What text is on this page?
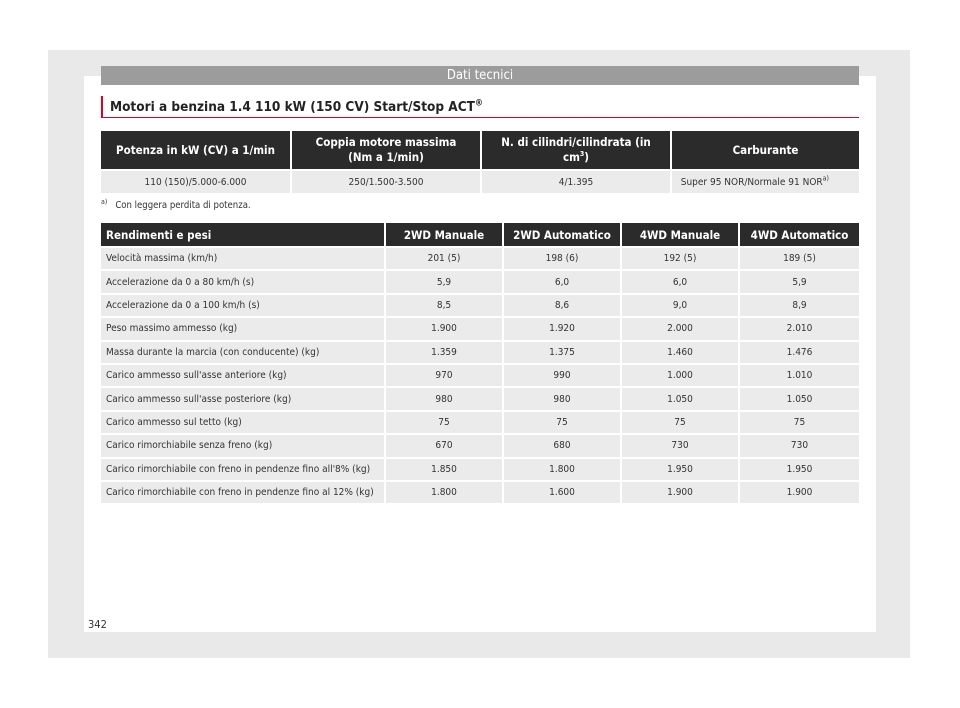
Dati tecnici
Motori a benzina 1.4 110 kW (150 CV) Start/Stop ACT®
Potenza in kW (CV) a 1/min	Coppia motore massima (Nm a 1/min)	N. di cilindri/cilindrata (in $cm^3$)	Carburante
110 (150)/5.000-6.000	250/1.500-3.500	4/1.395	Super 95 NOR/Normale 91 NOR$^{a)}$
$^{a)}$ Con leggera perdita di potenza.
Rendimenti e pesi	2WD Manuale	2WD Automatico	4WD Manuale	4WD Automatico
Velocità massima (km/h)	201 (5)	198 (6)	192 (5)	189 (5)
Accelerazione da 0 a 80 km/h (s)	5,9	6,0	6,0	5,9
Accelerazione da 0 a 100 km/h (s)	8,5	8,6	9,0	8,9
Peso massimo ammesso (kg)	1.900	1.920	2.000	2.010
Massa durante la marcia (con conducente) (kg)	1.359	1.375	1.460	1.476
Carico ammesso sull'asse anteriore (kg)	970	990	1.000	1.010
Carico ammesso sull'asse posteriore (kg)	980	980	1.050	1.050
Carico ammesso sul tetto (kg)	75	75	75	75
Carico rimorchiabile senza freno (kg)	670	680	730	730
Carico rimorchiabile con freno in pendenze fino all'8% (kg)	1.850	1.800	1.950	1.950
Carico rimorchiabile con freno in pendenze fino al 12% (kg)	1.800	1.600	1.900	1.900
342
